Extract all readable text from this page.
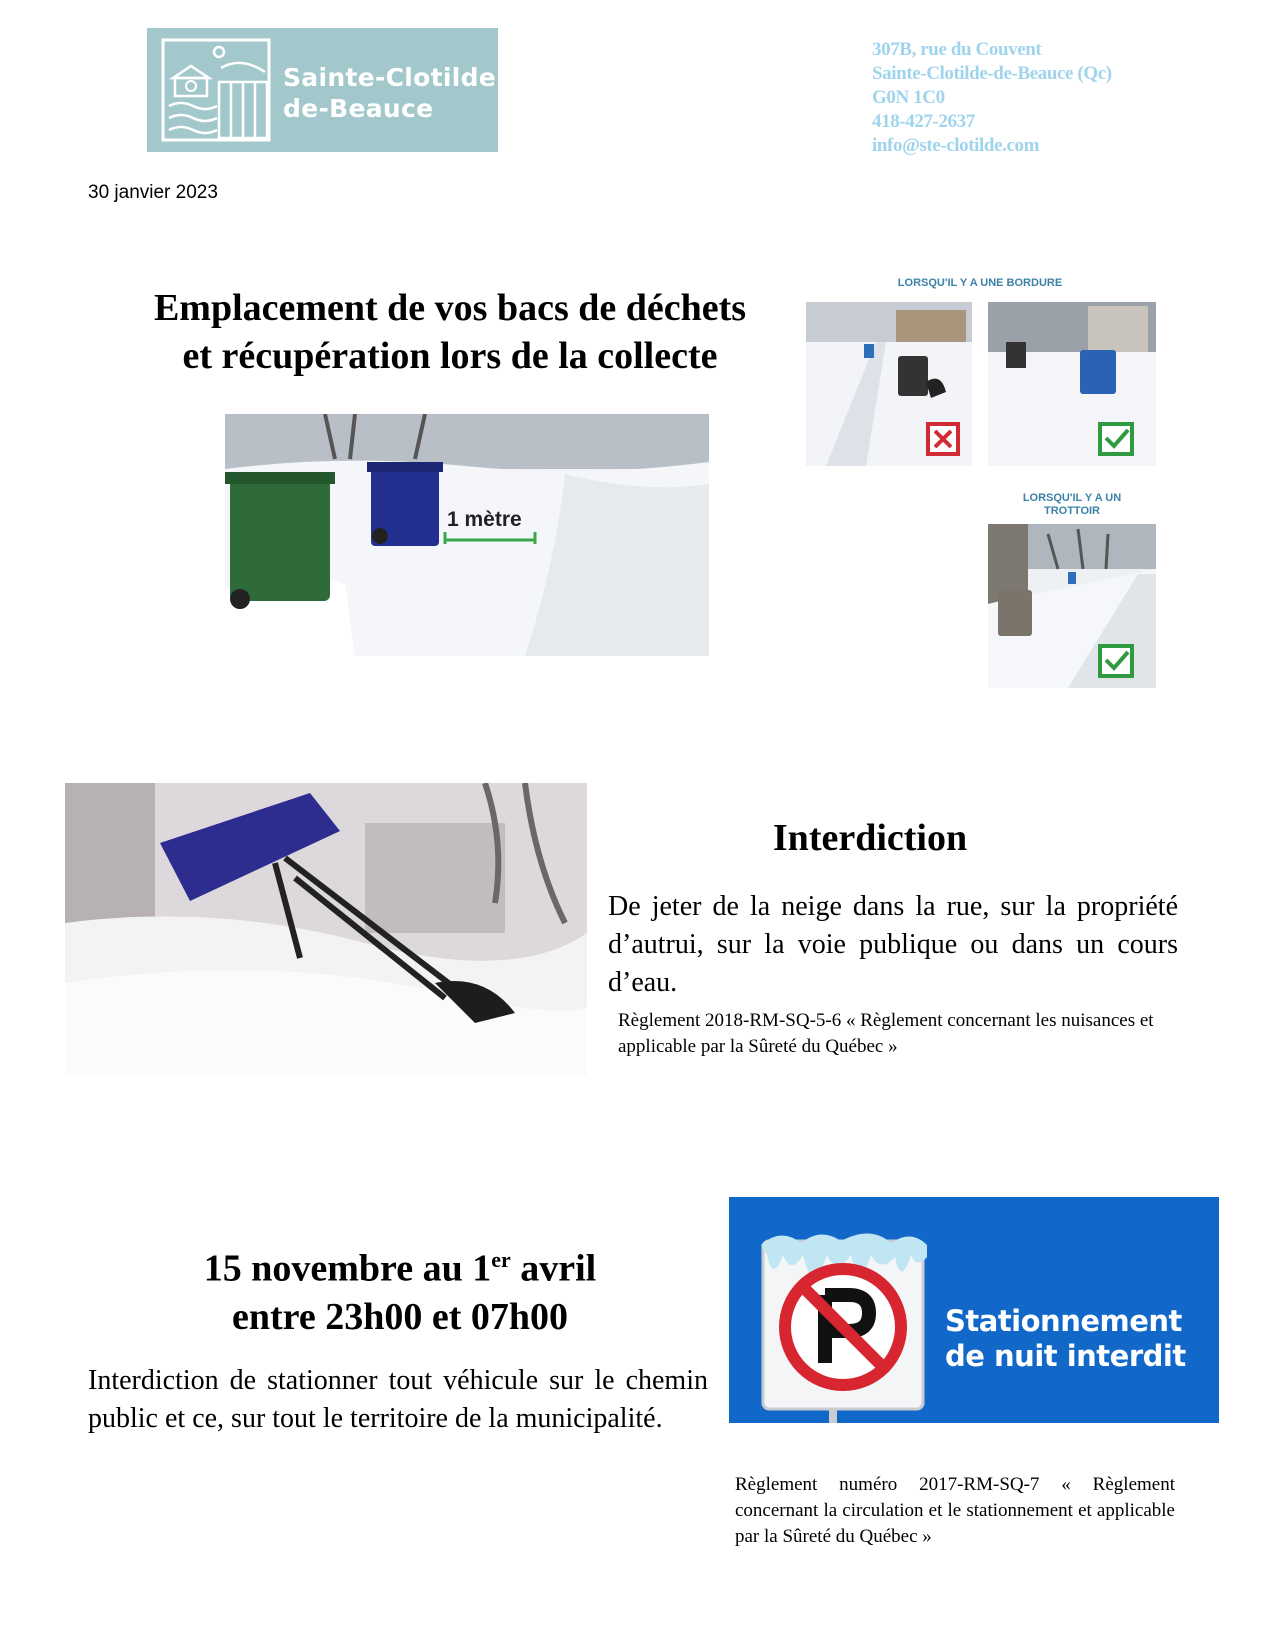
Sainte-Clotilde
de-Beauce
307B, rue du Couvent
Sainte-Clotilde-de-Beauce (Qc)
G0N 1C0
418-427-2637
info@ste-clotilde.com
30 janvier 2023
Emplacement de vos bacs de déchets
et récupération lors de la collecte
1 mètre
LORSQU'IL Y A UNE BORDURE
LORSQU'IL Y A UN
TROTTOIR
Interdiction
De jeter de la neige dans la rue, sur la propriété d’autrui, sur la voie publique ou dans un cours d’eau.
Règlement 2018-RM-SQ-5-6 « Règlement concernant les nuisances et applicable par la Sûreté du Québec »
15 novembre au 1er avril
entre 23h00 et 07h00
Interdiction de stationner tout véhicule sur le chemin public et ce, sur tout le territoire de la municipalité.
Stationnement
de nuit interdit
Règlement numéro 2017-RM-SQ-7 « Règlement concernant la circulation et le stationnement et applicable par la Sûreté du Québec »
